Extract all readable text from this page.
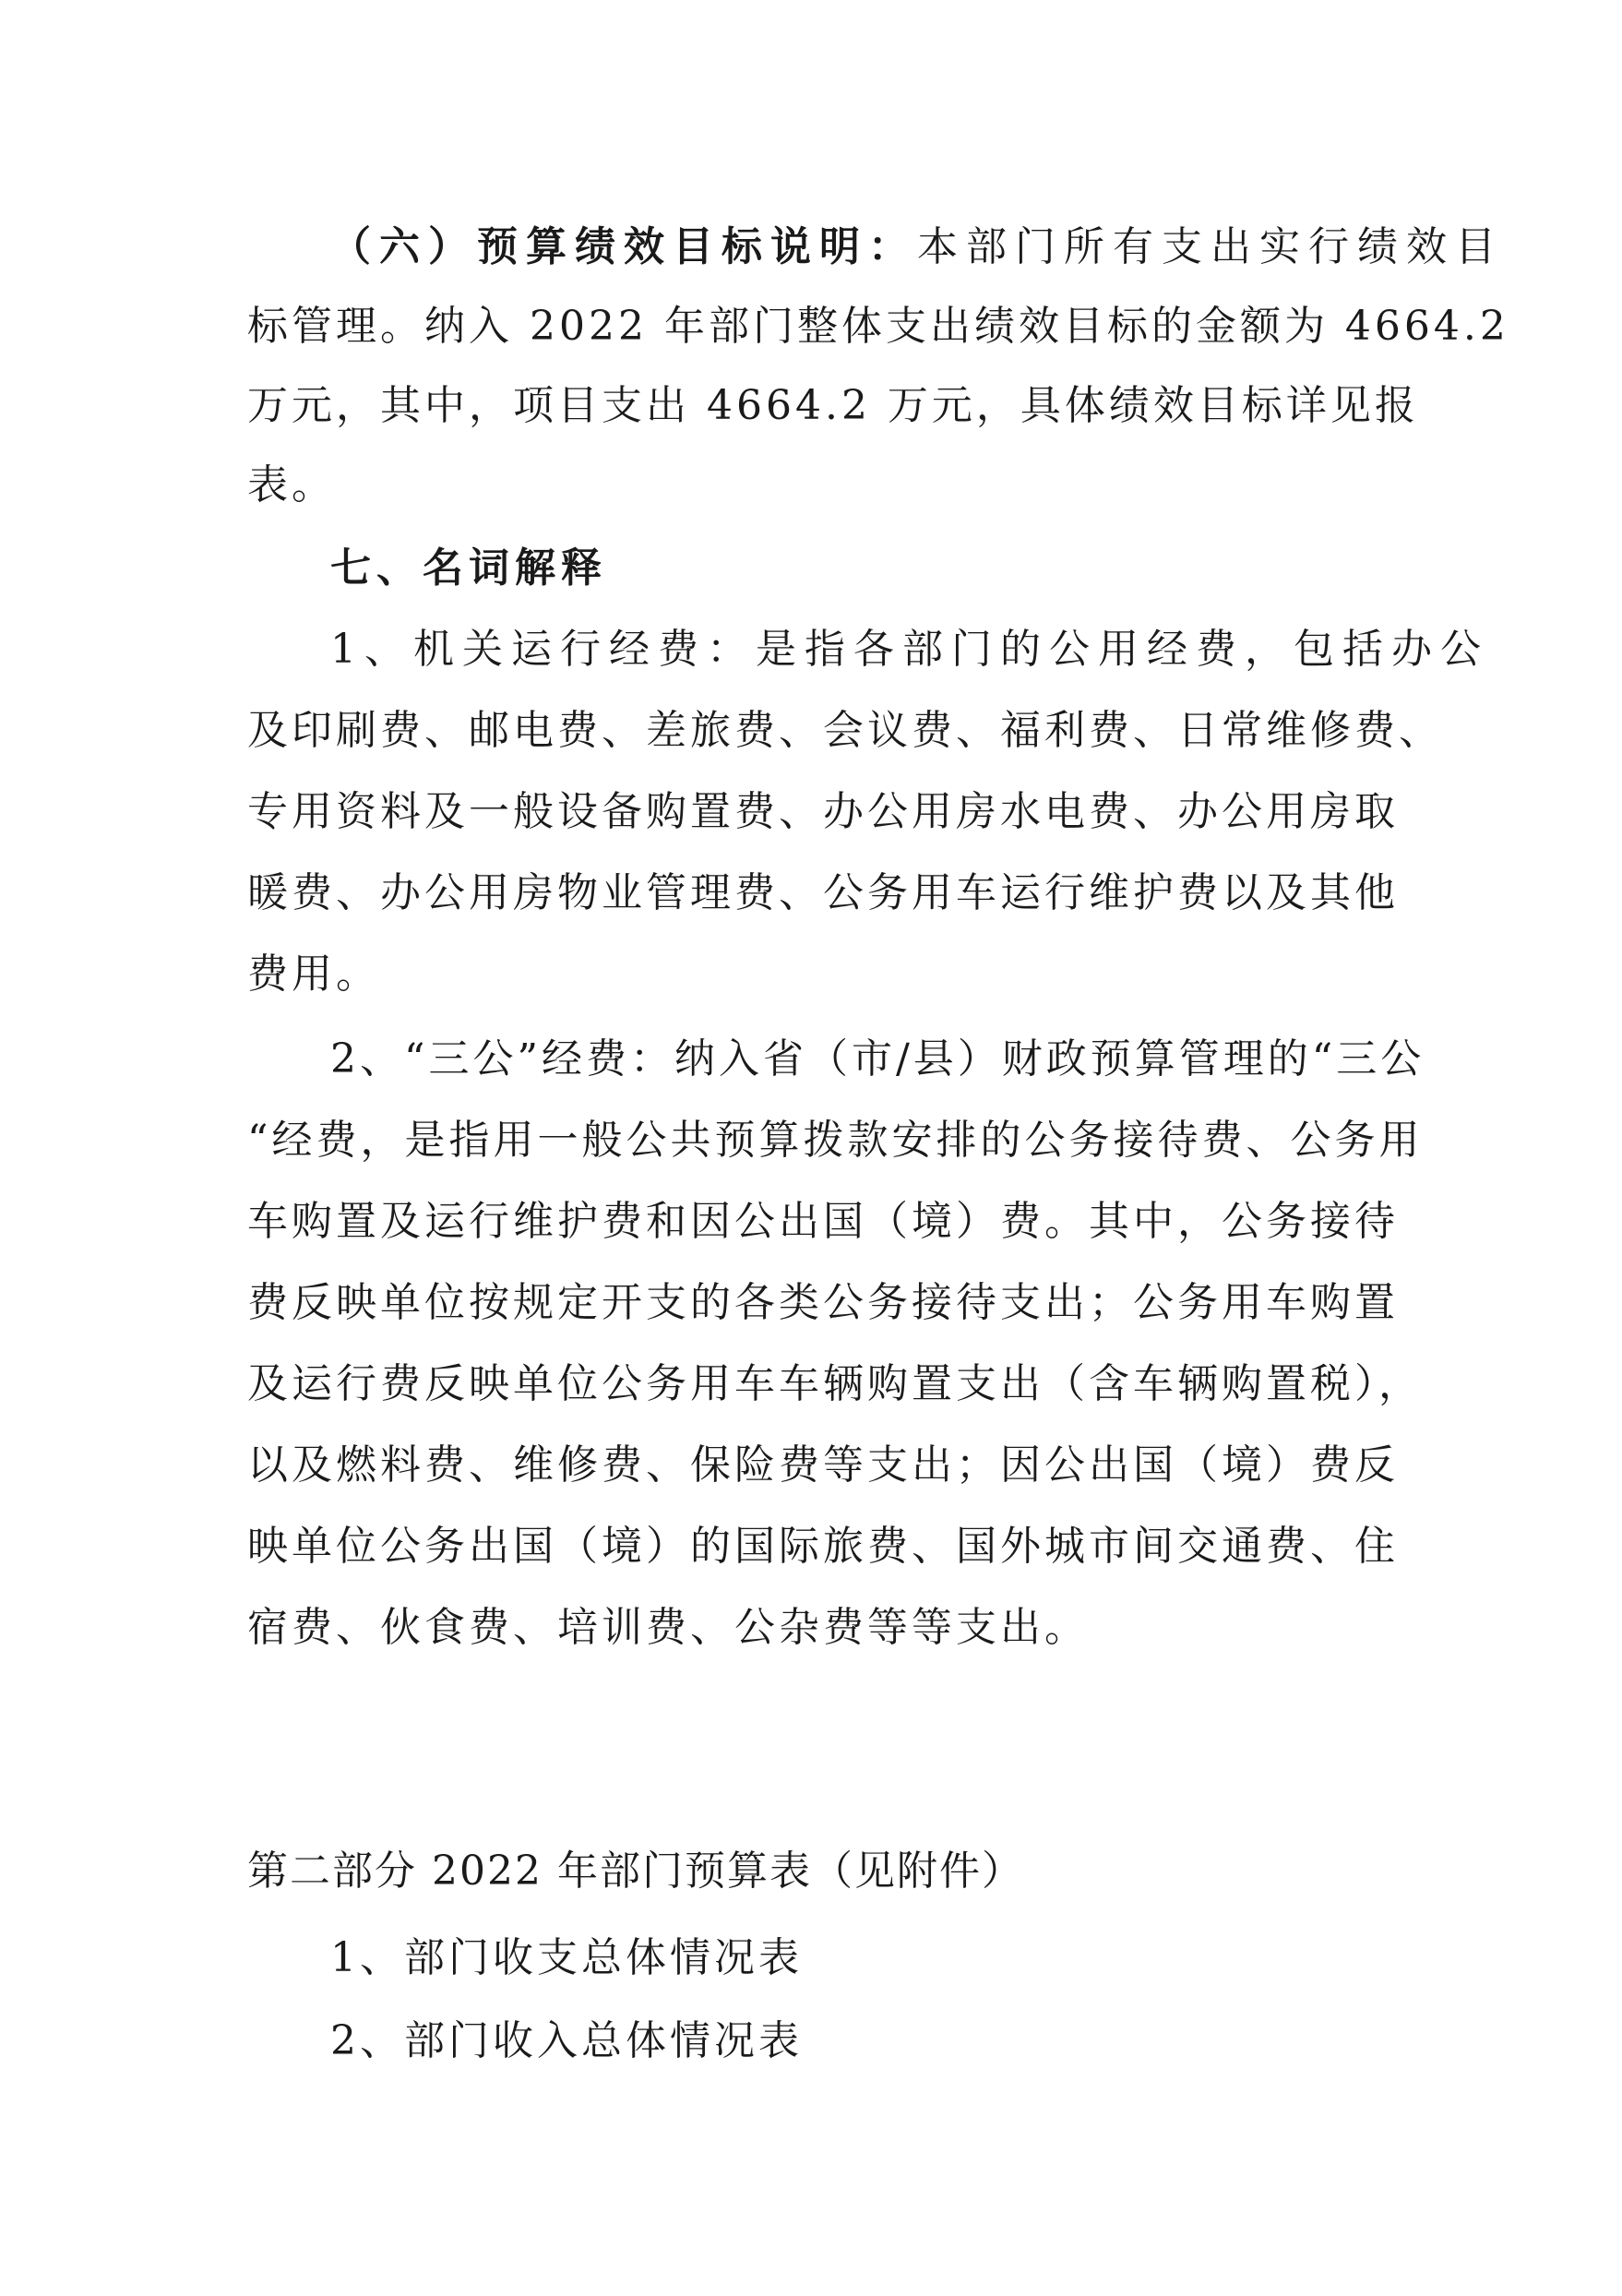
（六）预算绩效目标说明：本部门所有支出实行绩效目
标管理。纳入 2022 年部门整体支出绩效目标的金额为 4664.2
万元，其中，项目支出 4664.2 万元，具体绩效目标详见报
表。
七、名词解释
1、机关运行经费：是指各部门的公用经费，包括办公
及印刷费、邮电费、差旅费、会议费、福利费、日常维修费、
专用资料及一般设备购置费、办公用房水电费、办公用房取
暖费、办公用房物业管理费、公务用车运行维护费以及其他
费用。
2、“三公”经费：纳入省（市/县）财政预算管理的“三公
“经费，是指用一般公共预算拨款安排的公务接待费、公务用
车购置及运行维护费和因公出国（境）费。其中，公务接待
费反映单位按规定开支的各类公务接待支出；公务用车购置
及运行费反映单位公务用车车辆购置支出（含车辆购置税），
以及燃料费、维修费、保险费等支出；因公出国（境）费反
映单位公务出国（境）的国际旅费、国外城市间交通费、住
宿费、伙食费、培训费、公杂费等等支出。
第二部分 2022 年部门预算表（见附件）
1、部门收支总体情况表
2、部门收入总体情况表
